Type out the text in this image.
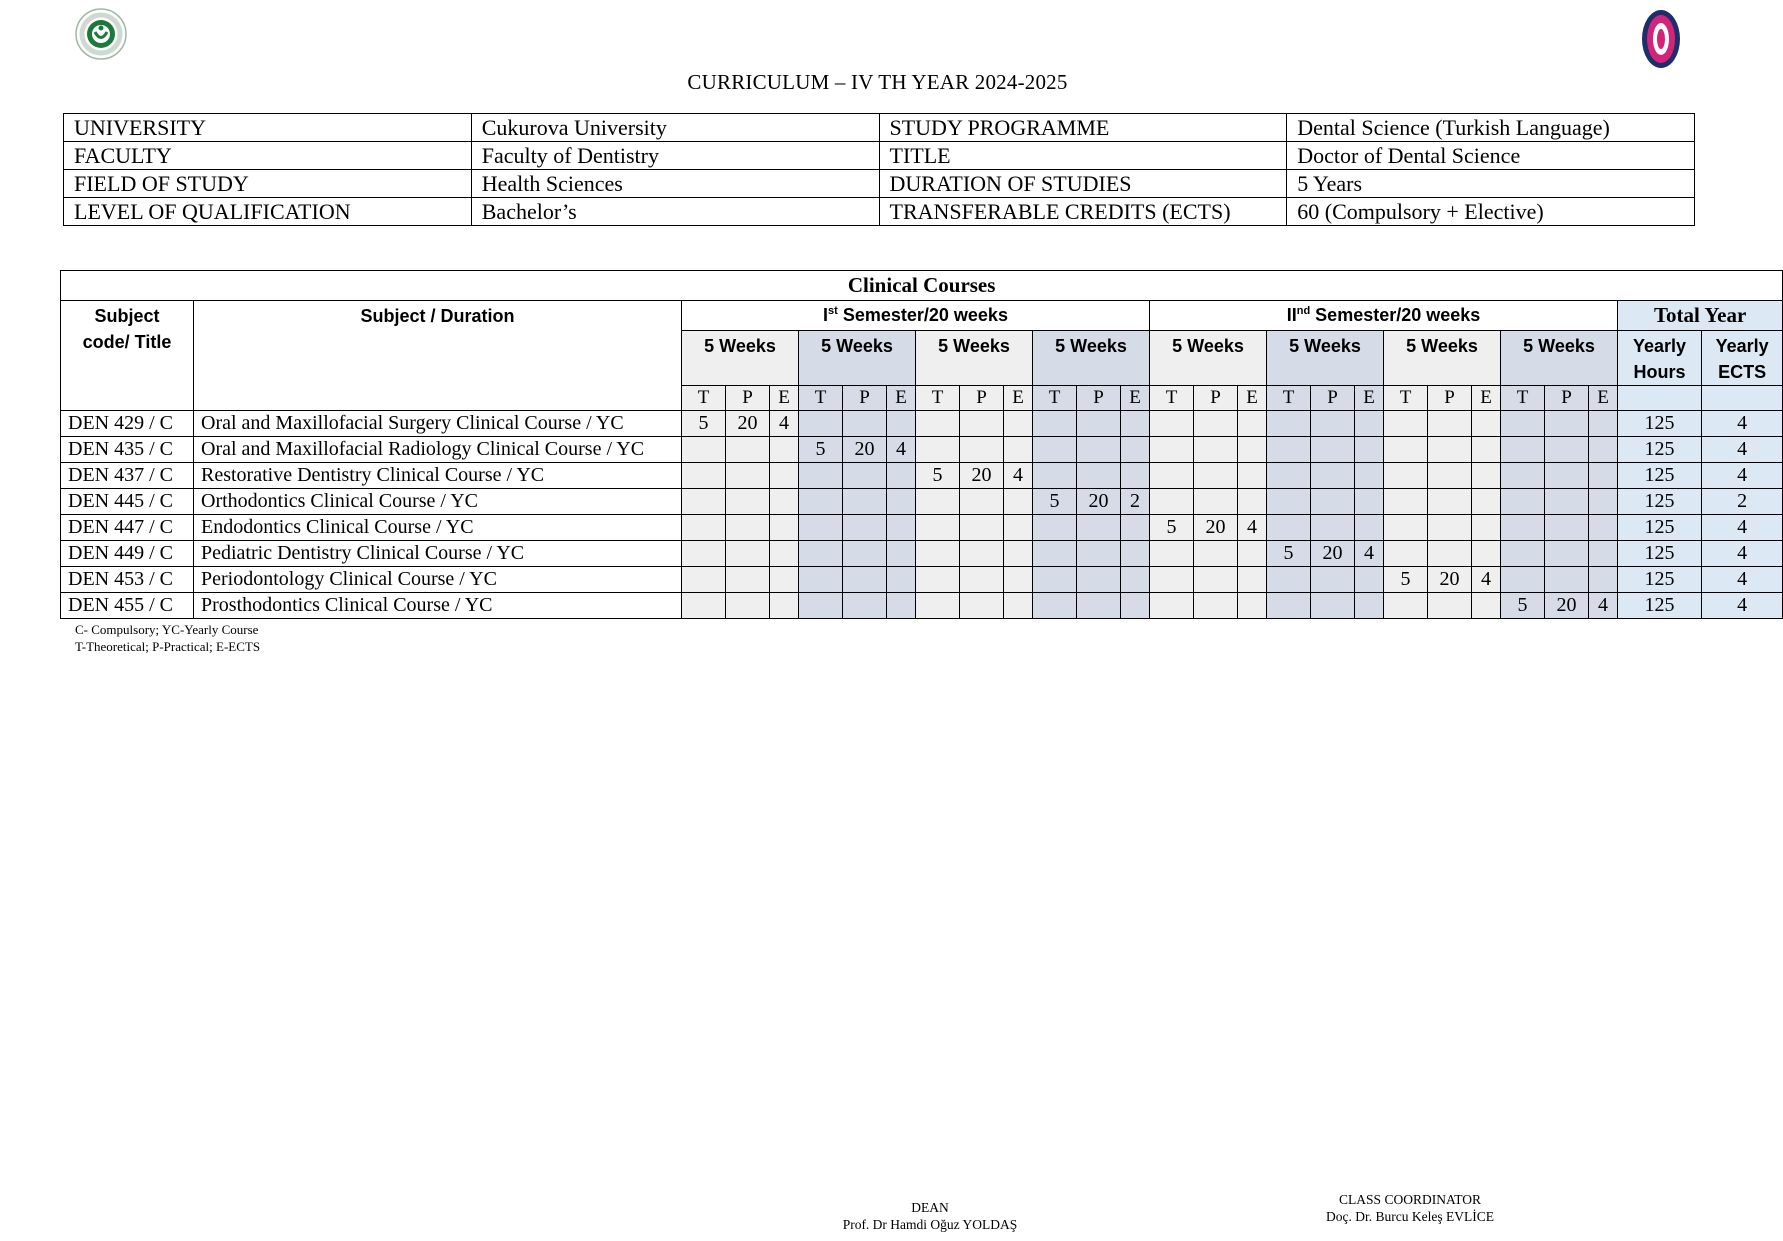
CURRICULUM – IV TH YEAR 2024-2025
UNIVERSITY	Cukurova University	STUDY PROGRAMME	Dental Science (Turkish Language)
FACULTY	Faculty of Dentistry	TITLE	Doctor of Dental Science
FIELD OF STUDY	Health Sciences	DURATION OF STUDIES	5 Years
LEVEL OF QUALIFICATION	Bachelor’s	TRANSFERABLE CREDITS (ECTS)	60 (Compulsory + Elective)
Clinical Courses																											
Subject code/ Title	Subject / Duration	Ist Semester/20 weeks												IInd Semester/20 weeks												Total Year	
		5 Weeks			5 Weeks			5 Weeks			5 Weeks			5 Weeks			5 Weeks			5 Weeks			5 Weeks			Yearly Hours	Yearly ECTS
		T	P	E	T	P	E	T	P	E	T	P	E	T	P	E	T	P	E	T	P	E	T	P	E		
DEN 429 / C	Oral and Maxillofacial Surgery Clinical Course / YC	5	20	4																						125	4
DEN 435 / C	Oral and Maxillofacial Radiology Clinical Course / YC				5	20	4																			125	4
DEN 437 / C	Restorative Dentistry Clinical Course / YC							5	20	4																125	4
DEN 445 / C	Orthodontics Clinical Course / YC										5	20	2													125	2
DEN 447 / C	Endodontics Clinical Course / YC													5	20	4										125	4
DEN 449 / C	Pediatric Dentistry Clinical Course / YC																5	20	4							125	4
DEN 453 / C	Periodontology Clinical Course / YC																			5	20	4				125	4
DEN 455 / C	Prosthodontics Clinical Course / YC																						5	20	4	125	4
C- Compulsory; YC-Yearly Course
T-Theoretical; P-Practical; E-ECTS
DEAN
Prof. Dr Hamdi Oğuz YOLDAŞ
CLASS COORDINATOR
Doç. Dr. Burcu Keleş EVLİCE
